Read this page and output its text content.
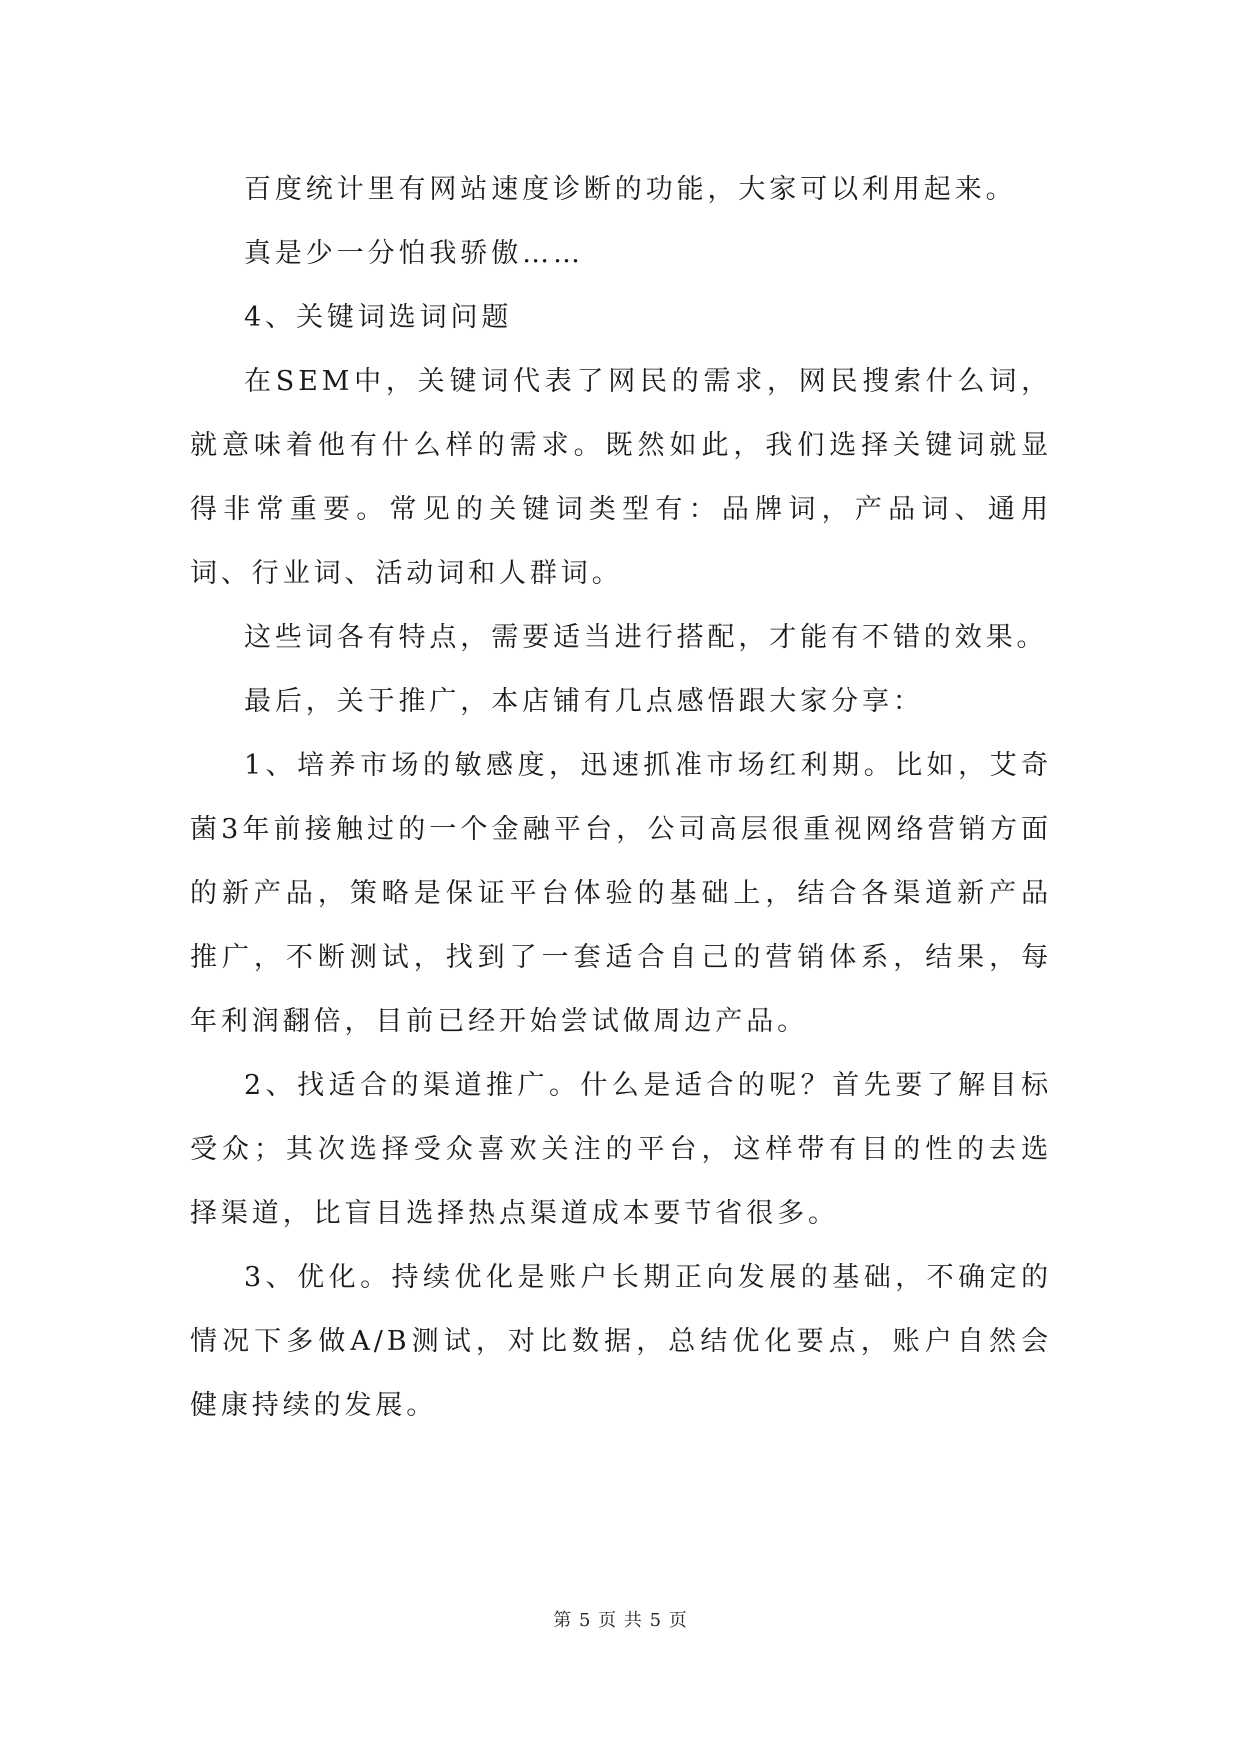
百度统计里有网站速度诊断的功能，大家可以利用起来。

真是少一分怕我骄傲……

4、关键词选词问题

在SEM中，关键词代表了网民的需求，网民搜索什么词，就意味着他有什么样的需求。既然如此，我们选择关键词就显得非常重要。常见的关键词类型有：品牌词，产品词、通用词、行业词、活动词和人群词。

这些词各有特点，需要适当进行搭配，才能有不错的效果。

最后，关于推广，本店铺有几点感悟跟大家分享：

1、培养市场的敏感度，迅速抓准市场红利期。比如，艾奇菌3年前接触过的一个金融平台，公司高层很重视网络营销方面的新产品，策略是保证平台体验的基础上，结合各渠道新产品推广，不断测试，找到了一套适合自己的营销体系，结果，每年利润翻倍，目前已经开始尝试做周边产品。

2、找适合的渠道推广。什么是适合的呢？首先要了解目标受众；其次选择受众喜欢关注的平台，这样带有目的性的去选择渠道，比盲目选择热点渠道成本要节省很多。

3、优化。持续优化是账户长期正向发展的基础，不确定的情况下多做A/B测试，对比数据，总结优化要点，账户自然会健康持续的发展。

第 5 页 共 5 页
